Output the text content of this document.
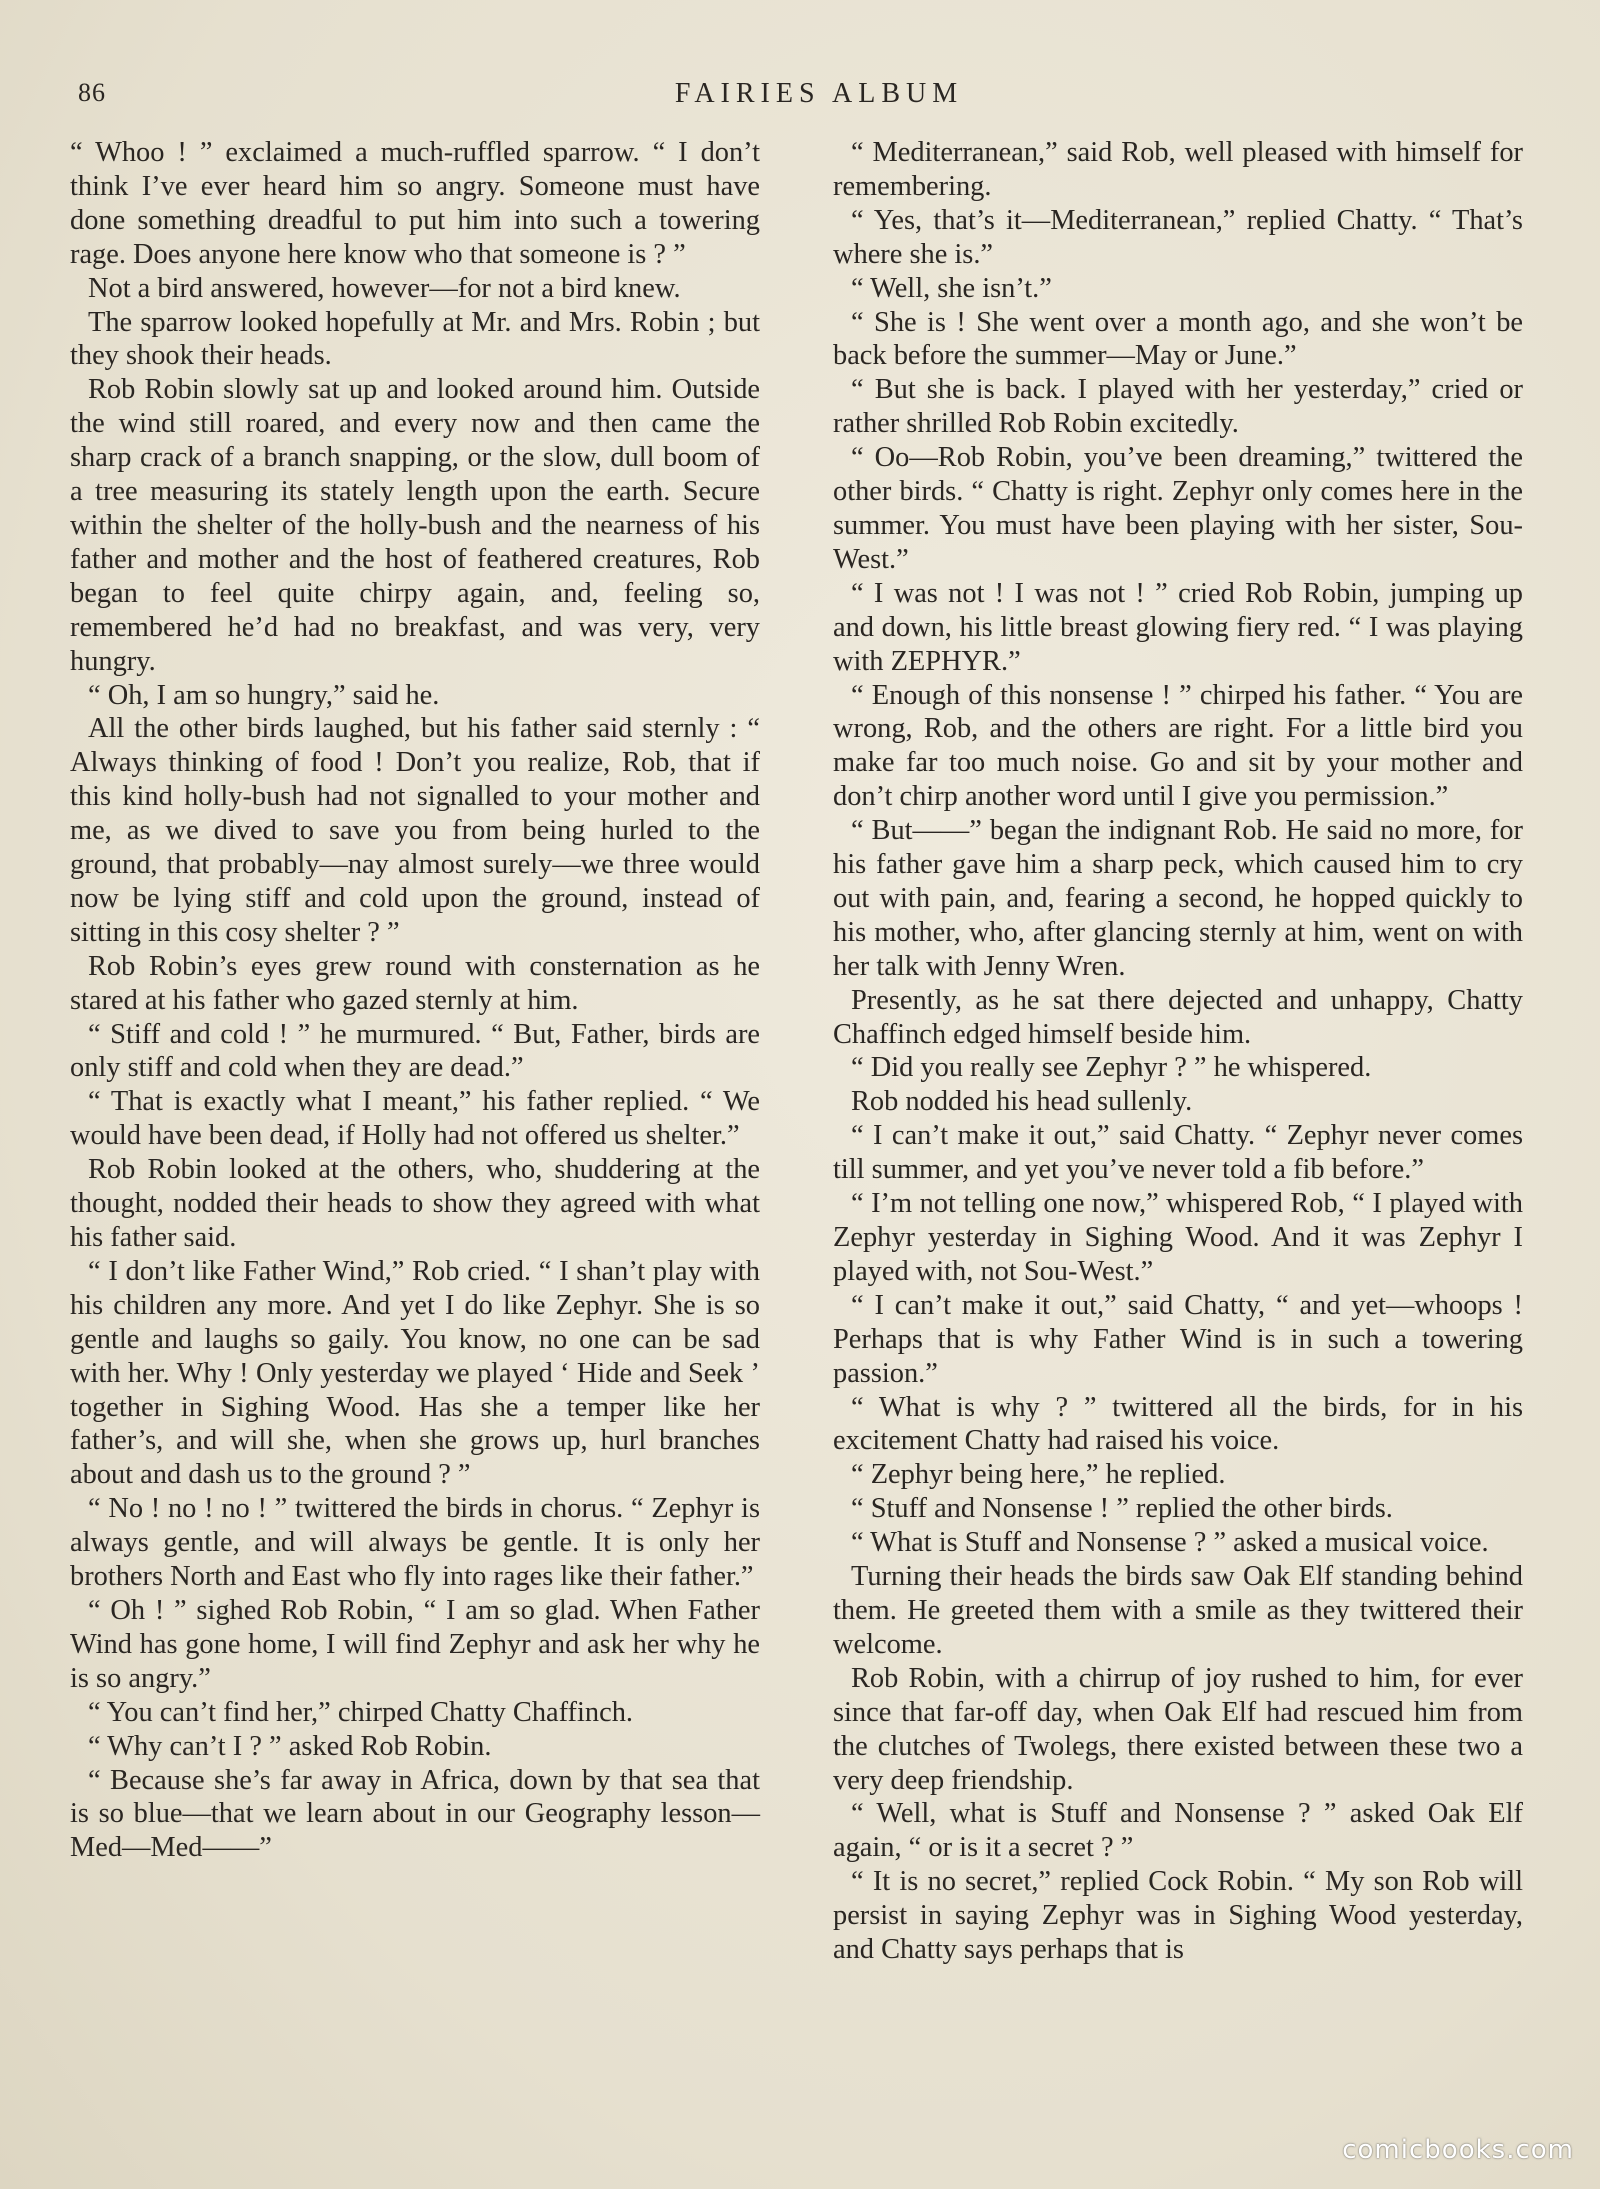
​
86	FAIRIES ALBUM

“ Whoo ! ” exclaimed a much-ruffled sparrow. “ I don’t think I’ve ever heard him so angry. Someone must have done something dreadful to put him into such a towering rage. Does anyone here know who that someone is ? ”

Not a bird answered, however—for not a bird knew.

The sparrow looked hopefully at Mr. and Mrs. Robin ; but they shook their heads.

Rob Robin slowly sat up and looked around him. Outside the wind still roared, and every now and then came the sharp crack of a branch snapping, or the slow, dull boom of a tree measuring its stately length upon the earth. Secure within the shelter of the holly-bush and the nearness of his father and mother and the host of feathered creatures, Rob began to feel quite chirpy again, and, feeling so, remembered he’d had no breakfast, and was very, very hungry.

“ Oh, I am so hungry,” said he.

All the other birds laughed, but his father said sternly : “ Always thinking of food ! Don’t you realize, Rob, that if this kind holly-bush had not signalled to your mother and me, as we dived to save you from being hurled to the ground, that probably—nay almost surely—we three would now be lying stiff and cold upon the ground, instead of sitting in this cosy shelter ? ”

Rob Robin’s eyes grew round with consternation as he stared at his father who gazed sternly at him.

“ Stiff and cold ! ” he murmured. “ But, Father, birds are only stiff and cold when they are dead.”

“ That is exactly what I meant,” his father replied. “ We would have been dead, if Holly had not offered us shelter.”

Rob Robin looked at the others, who, shuddering at the thought, nodded their heads to show they agreed with what his father said.

“ I don’t like Father Wind,” Rob cried. “ I shan’t play with his children any more. And yet I do like Zephyr. She is so gentle and laughs so gaily. You know, no one can be sad with her. Why ! Only yesterday we played ‘ Hide and Seek ’ together in Sighing Wood. Has she a temper like her father’s, and will she, when she grows up, hurl branches about and dash us to the ground ? ”

“ No ! no ! no ! ” twittered the birds in chorus. “ Zephyr is always gentle, and will always be gentle. It is only her brothers North and East who fly into rages like their father.”

“ Oh ! ” sighed Rob Robin, “ I am so glad. When Father Wind has gone home, I will find Zephyr and ask her why he is so angry.”

“ You can’t find her,” chirped Chatty Chaffinch.

“ Why can’t I ? ” asked Rob Robin.

“ Because she’s far away in Africa, down by that sea that is so blue—that we learn about in our Geography lesson—Med—Med——”

“ Mediterranean,” said Rob, well pleased with himself for remembering.

“ Yes, that’s it—Mediterranean,” replied Chatty. “ That’s where she is.”

“ Well, she isn’t.”

“ She is ! She went over a month ago, and she won’t be back before the summer—May or June.”

“ But she is back. I played with her yesterday,” cried or rather shrilled Rob Robin excitedly.

“ Oo—Rob Robin, you’ve been dreaming,” twittered the other birds. “ Chatty is right. Zephyr only comes here in the summer. You must have been playing with her sister, Sou-West.”

“ I was not ! I was not ! ” cried Rob Robin, jumping up and down, his little breast glowing fiery red. “ I was playing with ZEPHYR.”

“ Enough of this nonsense ! ” chirped his father. “ You are wrong, Rob, and the others are right. For a little bird you make far too much noise. Go and sit by your mother and don’t chirp another word until I give you permission.”

“ But——” began the indignant Rob. He said no more, for his father gave him a sharp peck, which caused him to cry out with pain, and, fearing a second, he hopped quickly to his mother, who, after glancing sternly at him, went on with her talk with Jenny Wren.

Presently, as he sat there dejected and unhappy, Chatty Chaffinch edged himself beside him.

“ Did you really see Zephyr ? ” he whispered.

Rob nodded his head sullenly.

“ I can’t make it out,” said Chatty. “ Zephyr never comes till summer, and yet you’ve never told a fib before.”

“ I’m not telling one now,” whispered Rob, “ I played with Zephyr yesterday in Sighing Wood. And it was Zephyr I played with, not Sou-West.”

“ I can’t make it out,” said Chatty, “ and yet—whoops ! Perhaps that is why Father Wind is in such a towering passion.”

“ What is why ? ” twittered all the birds, for in his excitement Chatty had raised his voice.

“ Zephyr being here,” he replied.

“ Stuff and Nonsense ! ” replied the other birds.

“ What is Stuff and Nonsense ? ” asked a musical voice.

Turning their heads the birds saw Oak Elf standing behind them. He greeted them with a smile as they twittered their welcome.

Rob Robin, with a chirrup of joy rushed to him, for ever since that far-off day, when Oak Elf had rescued him from the clutches of Twolegs, there existed between these two a very deep friendship.

“ Well, what is Stuff and Nonsense ? ” asked Oak Elf again, “ or is it a secret ? ”

“ It is no secret,” replied Cock Robin. “ My son Rob will persist in saying Zephyr was in Sighing Wood yesterday, and Chatty says perhaps that is

comicbooks.com
